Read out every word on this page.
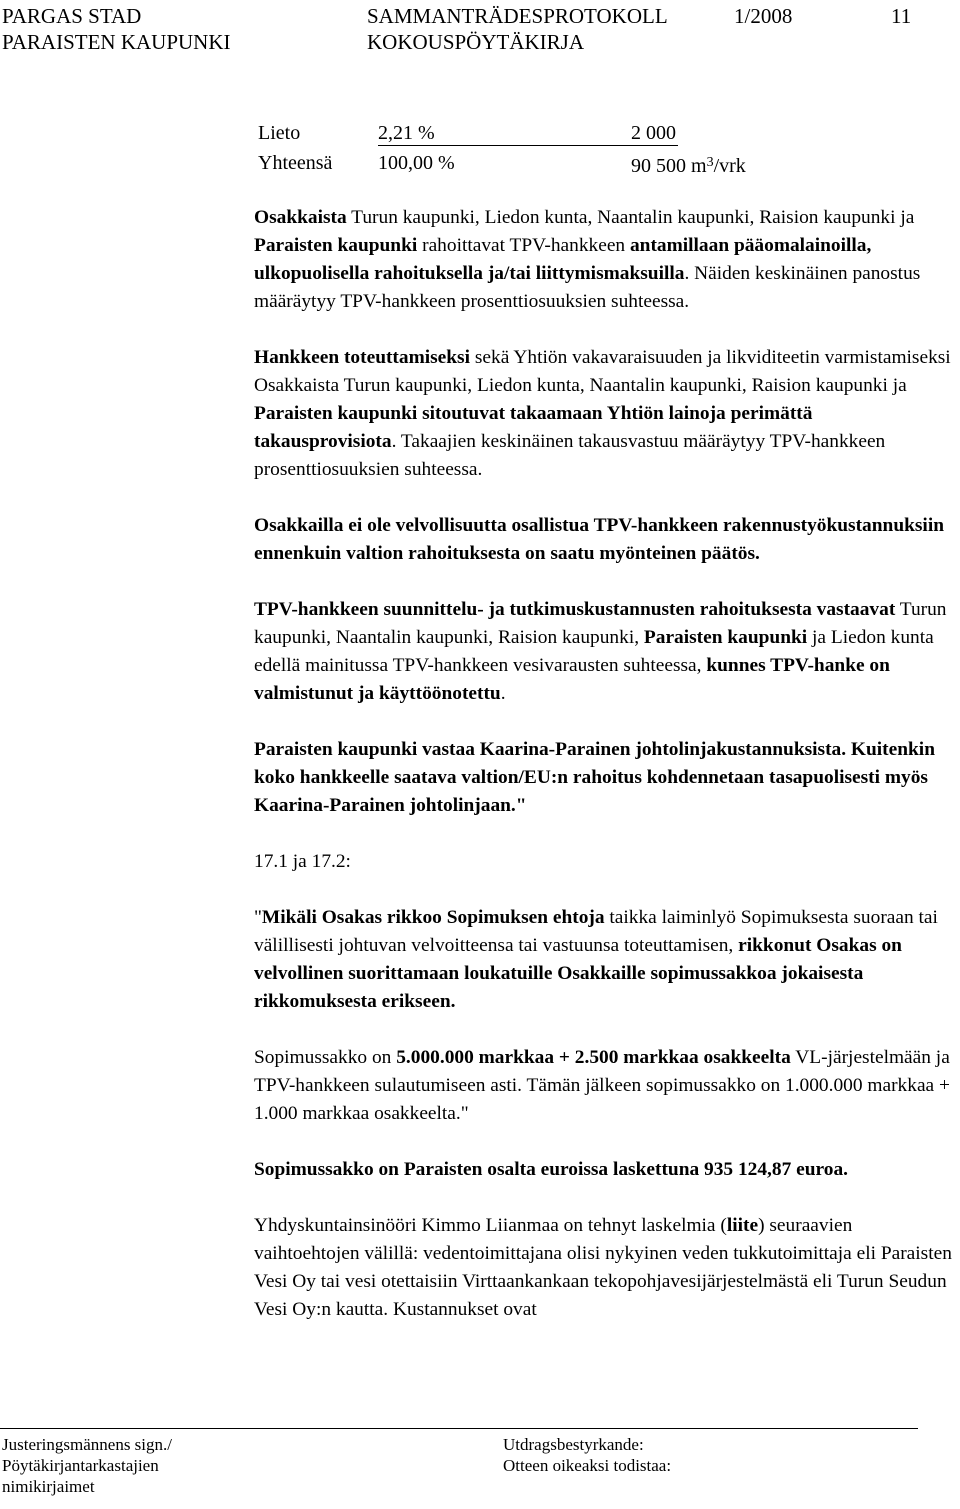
PARGAS STAD
PARAISTEN KAUPUNKI
SAMMANTRÄDESPROTOKOLL
KOKOUSPÖYTÄKIRJA
1/2008	11
Lieto	2,21 %	2 000
Yhteensä 100,00 %	90 500 $m^3$/vrk

Osakkaista Turun kaupunki, Liedon kunta, Naantalin kaupunki, Raision kaupunki ja Paraisten kaupunki rahoittavat TPV-hankkeen antamillaan pääomalainoilla, ulkopuolisella rahoituksella ja/tai liittymismaksuilla. Näiden keskinäinen panostus määräytyy TPV-hankkeen prosenttiosuuksien suhteessa.

Hankkeen toteuttamiseksi sekä Yhtiön vakavaraisuuden ja likviditeetin varmistamiseksi Osakkaista Turun kaupunki, Liedon kunta, Naantalin kaupunki, Raision kaupunki ja Paraisten kaupunki sitoutuvat takaamaan Yhtiön lainoja perimättä takausprovisiota. Takaajien keskinäinen takausvastuu määräytyy TPV-hankkeen prosenttiosuuksien suhteessa.

Osakkailla ei ole velvollisuutta osallistua TPV-hankkeen rakennustyökustannuksiin ennenkuin valtion rahoituksesta on saatu myönteinen päätös.

TPV-hankkeen suunnittelu- ja tutkimuskustannusten rahoituksesta vastaavat Turun kaupunki, Naantalin kaupunki, Raision kaupunki, Paraisten kaupunki ja Liedon kunta edellä mainitussa TPV-hankkeen vesivarausten suhteessa, kunnes TPV-hanke on valmistunut ja käyttöönotettu.

Paraisten kaupunki vastaa Kaarina-Parainen johtolinjakustannuksista. Kuitenkin koko hankkeelle saatava valtion/EU:n rahoitus kohdennetaan tasapuolisesti myös Kaarina-Parainen johtolinjaan."

17.1 ja 17.2:

"Mikäli Osakas rikkoo Sopimuksen ehtoja taikka laiminlyö Sopimuksesta suoraan tai välillisesti johtuvan velvoitteensa tai vastuunsa toteuttamisen, rikkonut Osakas on velvollinen suorittamaan loukatuille Osakkaille sopimussakkoa jokaisesta rikkomuksesta erikseen.

Sopimussakko on 5.000.000 markkaa + 2.500 markkaa osakkeelta VL-järjestelmään ja TPV-hankkeen sulautumiseen asti. Tämän jälkeen sopimussakko on 1.000.000 markkaa + 1.000 markkaa osakkeelta."

Sopimussakko on Paraisten osalta euroissa laskettuna 935 124,87 euroa.

Yhdyskuntainsinööri Kimmo Liianmaa on tehnyt laskelmia (liite) seuraavien vaihtoehtojen välillä: vedentoimittajana olisi nykyinen veden tukkutoimittaja eli Paraisten Vesi Oy tai vesi otettaisiin Virttaankankaan tekopohjavesijärjestelmästä eli Turun Seudun Vesi Oy:n kautta. Kustannukset ovat

Justeringsmännens sign./
Pöytäkirjantarkastajien
nimikirjaimet
Utdragsbestyrkande:
Otteen oikeaksi todistaa:
